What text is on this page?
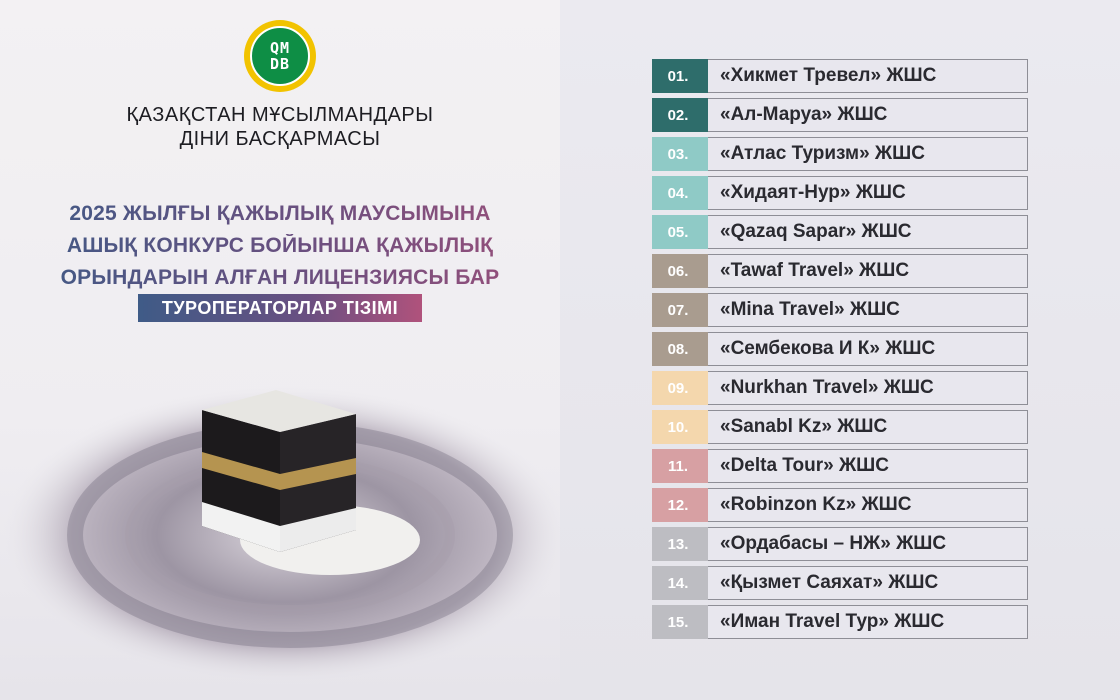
QM
DB
ҚАЗАҚСТАН МҰСЫЛМАНДАРЫ
ДІНИ БАСҚАРМАСЫ
2025 ЖЫЛҒЫ ҚАЖЫЛЫҚ МАУСЫМЫНА
АШЫҚ КОНКУРС БОЙЫНША ҚАЖЫЛЫҚ
ОРЫНДАРЫН АЛҒАН ЛИЦЕНЗИЯСЫ БАР
ТУРОПЕРАТОРЛАР ТІЗІМІ
01.	«Хикмет Тревел» ЖШС
02.	«Ал-Маруа» ЖШС
03.	«Атлас Туризм» ЖШС
04.	«Хидаят-Нур» ЖШС
05.	«Qazaq Sapar» ЖШС
06.	«Tawaf Travel» ЖШС
07.	«Mina Travel» ЖШС
08.	«Сембекова И К» ЖШС
09.	«Nurkhan Travel» ЖШС
10.	«Sanabl Kz» ЖШС
11.	«Delta Tour» ЖШС
12.	«Robinzon Kz» ЖШС
13.	«Ордабасы – НЖ» ЖШС
14.	«Қызмет Саяхат» ЖШС
15.	«Иман Travel Тур» ЖШС
